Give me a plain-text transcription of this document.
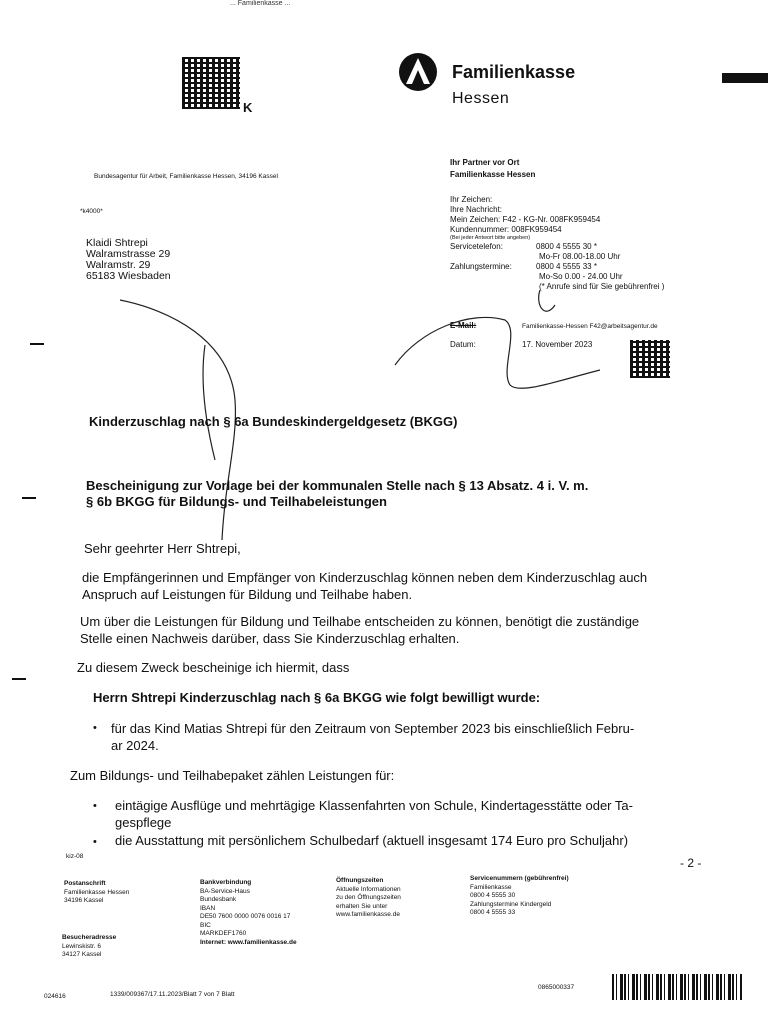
... Familienkasse ...
K
Familienkasse
Hessen
Bundesagentur für Arbeit, Familienkasse Hessen, 34196 Kassel
*k4000*
Klaidi Shtrepi
Walramstrasse 29
Walramstr. 29
65183 Wiesbaden
Ihr Partner vor Ort
Familienkasse Hessen
Ihr Zeichen:
Ihre Nachricht:
Mein Zeichen: F42 - KG-Nr. 008FK959454
Kundennummer: 008FK959454
(Bei jeder Antwort bitte angeben)
Servicetelefon:	0800 4 5555 30 *
Mo-Fr 08.00-18.00 Uhr
Zahlungstermine:	0800 4 5555 33 *
Mo-So 0.00 - 24.00 Uhr
(* Anrufe sind für Sie gebührenfrei )
E-Mail:	Familienkasse-Hessen F42@arbeitsagentur.de
Datum:	17. November 2023
Kinderzuschlag nach § 6a Bundeskindergeldgesetz (BKGG)
Bescheinigung zur Vorlage bei der kommunalen Stelle nach § 13 Absatz. 4 i. V. m.
§ 6b BKGG für Bildungs- und Teilhabeleistungen
Sehr geehrter Herr Shtrepi,
die Empfängerinnen und Empfänger von Kinderzuschlag können neben dem Kinderzuschlag auch
Anspruch auf Leistungen für Bildung und Teilhabe haben.
Um über die Leistungen für Bildung und Teilhabe entscheiden zu können, benötigt die zuständige
Stelle einen Nachweis darüber, dass Sie Kinderzuschlag erhalten.
Zu diesem Zweck bescheinige ich hiermit, dass
Herrn Shtrepi Kinderzuschlag nach § 6a BKGG wie folgt bewilligt wurde:
• für das Kind Matias Shtrepi für den Zeitraum von September 2023 bis einschließlich Febru-
ar 2024.
Zum Bildungs- und Teilhabepaket zählen Leistungen für:
• eintägige Ausflüge und mehrtägige Klassenfahrten von Schule, Kindertagesstätte oder Ta-
gespflege
• die Ausstattung mit persönlichem Schulbedarf (aktuell insgesamt 174 Euro pro Schuljahr)
kiz-08	- 2 -
Postanschrift
Familienkasse Hessen
34196 Kassel
Besucheradresse
Lewinskistr. 6
34127 Kassel
Bankverbindung
BA-Service-Haus
Bundesbank
IBAN
DE50 7600 0000 0076 0016 17
BIC
MARKDEF1760
Internet: www.familienkasse.de
Öffnungszeiten
Aktuelle Informationen
zu den Öffnungszeiten
erhalten Sie unter
www.familienkasse.de
Servicenummern (gebührenfrei)
Familienkasse
0800 4 5555 30
Zahlungstermine Kindergeld
0800 4 5555 33
024616	1339/009367/17.11.2023/Blatt 7 von 7 Blatt
0865000337
